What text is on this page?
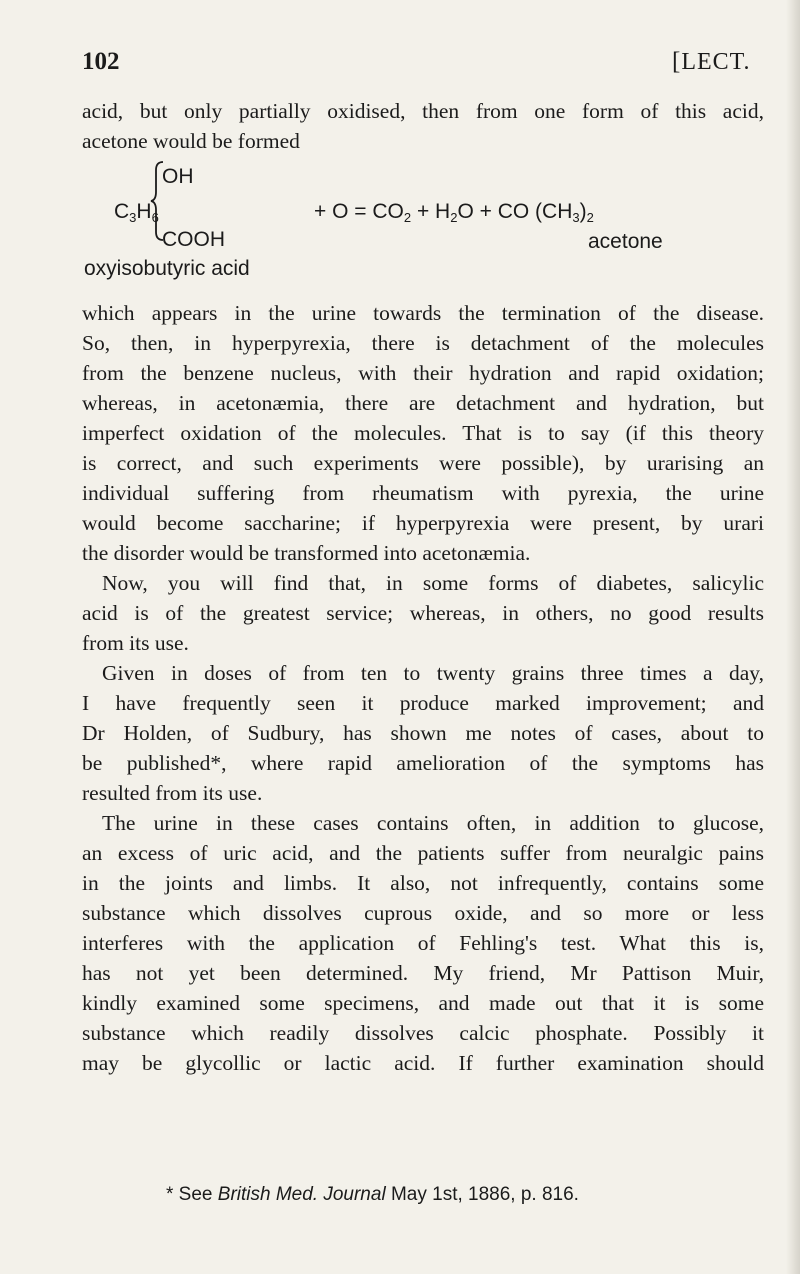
102	[LECT.
acid, but only partially oxidised, then from one form of this acid,
acetone would be formed
$C_3H_6$
OH
COOH
+ $O = CO_2 + H_2O$ + CO $(CH_3)_2$
acetone
oxyisobutyric acid
which appears in the urine towards the termination of the disease.
So, then, in hyperpyrexia, there is detachment of the molecules
from the benzene nucleus, with their hydration and rapid oxidation;
whereas, in acetonæmia, there are detachment and hydration, but
imperfect oxidation of the molecules. That is to say (if this theory
is correct, and such experiments were possible), by urarising an
individual suffering from rheumatism with pyrexia, the urine
would become saccharine; if hyperpyrexia were present, by urari
the disorder would be transformed into acetonæmia.
Now, you will find that, in some forms of diabetes, salicylic
acid is of the greatest service; whereas, in others, no good results
from its use.
Given in doses of from ten to twenty grains three times a day,
I have frequently seen it produce marked improvement; and
Dr Holden, of Sudbury, has shown me notes of cases, about to
be published*, where rapid amelioration of the symptoms has
resulted from its use.
The urine in these cases contains often, in addition to glucose,
an excess of uric acid, and the patients suffer from neuralgic pains
in the joints and limbs. It also, not infrequently, contains some
substance which dissolves cuprous oxide, and so more or less
interferes with the application of Fehling's test. What this is,
has not yet been determined. My friend, Mr Pattison Muir,
kindly examined some specimens, and made out that it is some
substance which readily dissolves calcic phosphate. Possibly it
may be glycollic or lactic acid. If further examination should
* See British Med. Journal May 1st, 1886, p. 816.
